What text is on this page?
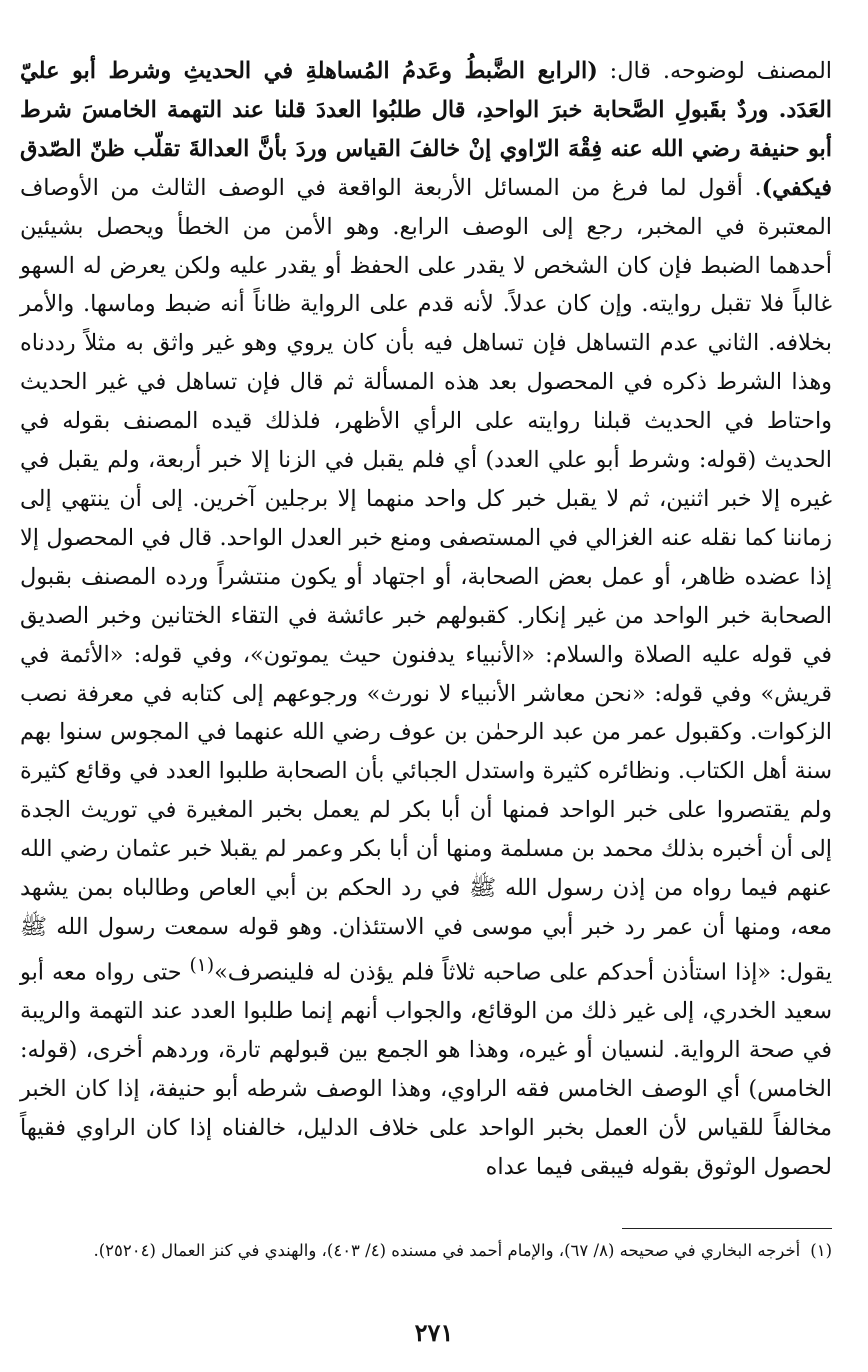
المصنف لوضوحه. قال: (الرابع الضَّبطُ وعَدمُ المُساهلةِ في الحديثِ وشرط أبو عليّ العَدَد. وردٌ بقَبولِ الصَّحابة خبرَ الواحدِ، قال طلبُوا العددَ قلنا عند التهمة الخامسَ شرط أبو حنيفة رضي الله عنه فِقْهَ الرّاوي إنْ خالفَ القياس وردَ بأنَّ العدالةَ تقلّب ظنّ الصّدق فيكفي). أقول لما فرغ من المسائل الأربعة الواقعة في الوصف الثالث من الأوصاف المعتبرة في المخبر، رجع إلى الوصف الرابع. وهو الأمن من الخطأ ويحصل بشيئين أحدهما الضبط فإن كان الشخص لا يقدر على الحفظ أو يقدر عليه ولكن يعرض له السهو غالباً فلا تقبل روايته. وإن كان عدلاً. لأنه قدم على الرواية ظاناً أنه ضبط وماسها. والأمر بخلافه. الثاني عدم التساهل فإن تساهل فيه بأن كان يروي وهو غير واثق به مثلاً رددناه وهذا الشرط ذكره في المحصول بعد هذه المسألة ثم قال فإن تساهل في غير الحديث واحتاط في الحديث قبلنا روايته على الرأي الأظهر، فلذلك قيده المصنف بقوله في الحديث (قوله: وشرط أبو علي العدد) أي فلم يقبل في الزنا إلا خبر أربعة، ولم يقبل في غيره إلا خبر اثنين، ثم لا يقبل خبر كل واحد منهما إلا برجلين آخرين. إلى أن ينتهي إلى زماننا كما نقله عنه الغزالي في المستصفى ومنع خبر العدل الواحد. قال في المحصول إلا إذا عضده ظاهر، أو عمل بعض الصحابة، أو اجتهاد أو يكون منتشراً ورده المصنف بقبول الصحابة خبر الواحد من غير إنكار. كقبولهم خبر عائشة في التقاء الختانين وخبر الصديق في قوله عليه الصلاة والسلام: «الأنبياء يدفنون حيث يموتون»، وفي قوله: «الأئمة في قريش» وفي قوله: «نحن معاشر الأنبياء لا نورث» ورجوعهم إلى كتابه في معرفة نصب الزكوات. وكقبول عمر من عبد الرحمٰن بن عوف رضي الله عنهما في المجوس سنوا بهم سنة أهل الكتاب. ونظائره كثيرة واستدل الجبائي بأن الصحابة طلبوا العدد في وقائع كثيرة ولم يقتصروا على خبر الواحد فمنها أن أبا بكر لم يعمل بخبر المغيرة في توريث الجدة إلى أن أخبره بذلك محمد بن مسلمة ومنها أن أبا بكر وعمر لم يقبلا خبر عثمان رضي الله عنهم فيما رواه من إذن رسول الله ﷺ في رد الحكم بن أبي العاص وطالباه بمن يشهد معه، ومنها أن عمر رد خبر أبي موسى في الاستئذان. وهو قوله سمعت رسول الله ﷺ يقول: «إذا استأذن أحدكم على صاحبه ثلاثاً فلم يؤذن له فلينصرف»$^{(١)}$ حتى رواه معه أبو سعيد الخدري، إلى غير ذلك من الوقائع، والجواب أنهم إنما طلبوا العدد عند التهمة والريبة في صحة الرواية. لنسيان أو غيره، وهذا هو الجمع بين قبولهم تارة، وردهم أخرى، (قوله: الخامس) أي الوصف الخامس فقه الراوي، وهذا الوصف شرطه أبو حنيفة، إذا كان الخبر مخالفاً للقياس لأن العمل بخبر الواحد على خلاف الدليل، خالفناه إذا كان الراوي فقيهاً لحصول الوثوق بقوله فيبقى فيما عداه

(١)أخرجه البخاري في صحيحه (٨/ ٦٧)، والإمام أحمد في مسنده (٤/ ٤٠٣)، والهندي في كنز العمال (٢٥٢٠٤).

٢٧١
